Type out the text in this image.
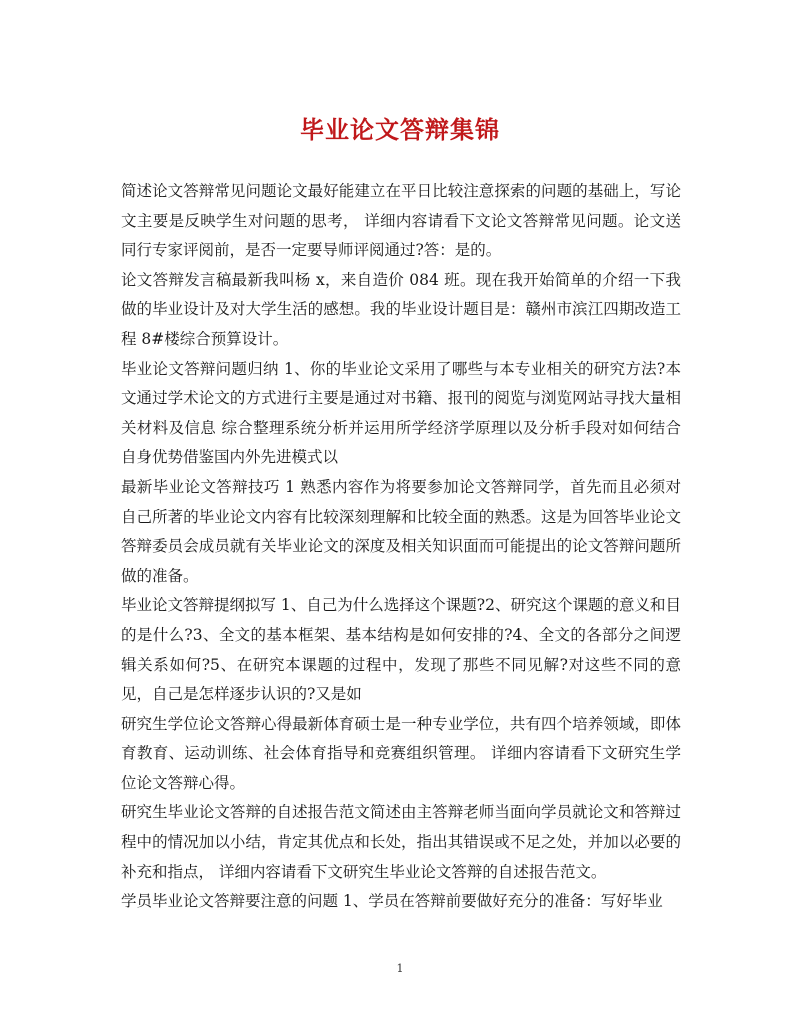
毕业论文答辩集锦

简述论文答辩常见问题论文最好能建立在平日比较注意探索的问题的基础上，写论文主要是反映学生对问题的思考， 详细内容请看下文论文答辩常见问题。论文送同行专家评阅前，是否一定要导师评阅通过?答：是的。

论文答辩发言稿最新我叫杨 x，来自造价 084 班。现在我开始简单的介绍一下我做的毕业设计及对大学生活的感想。我的毕业设计题目是：赣州市滨江四期改造工程 8#楼综合预算设计。

毕业论文答辩问题归纳 1、你的毕业论文采用了哪些与本专业相关的研究方法?本文通过学术论文的方式进行主要是通过对书籍、报刊的阅览与浏览网站寻找大量相关材料及信息 综合整理系统分析并运用所学经济学原理以及分析手段对如何结合自身优势借鉴国内外先进模式以

最新毕业论文答辩技巧 1 熟悉内容作为将要参加论文答辩同学，首先而且必须对自己所著的毕业论文内容有比较深刻理解和比较全面的熟悉。这是为回答毕业论文答辩委员会成员就有关毕业论文的深度及相关知识面而可能提出的论文答辩问题所做的准备。

毕业论文答辩提纲拟写 1、自己为什么选择这个课题?2、研究这个课题的意义和目的是什么?3、全文的基本框架、基本结构是如何安排的?4、全文的各部分之间逻辑关系如何?5、在研究本课题的过程中，发现了那些不同见解?对这些不同的意见，自己是怎样逐步认识的?又是如

研究生学位论文答辩心得最新体育硕士是一种专业学位，共有四个培养领域，即体育教育、运动训练、社会体育指导和竞赛组织管理。 详细内容请看下文研究生学位论文答辩心得。

研究生毕业论文答辩的自述报告范文简述由主答辩老师当面向学员就论文和答辩过程中的情况加以小结，肯定其优点和长处，指出其错误或不足之处，并加以必要的补充和指点， 详细内容请看下文研究生毕业论文答辩的自述报告范文。

学员毕业论文答辩要注意的问题 1、学员在答辩前要做好充分的准备：写好毕业

1
